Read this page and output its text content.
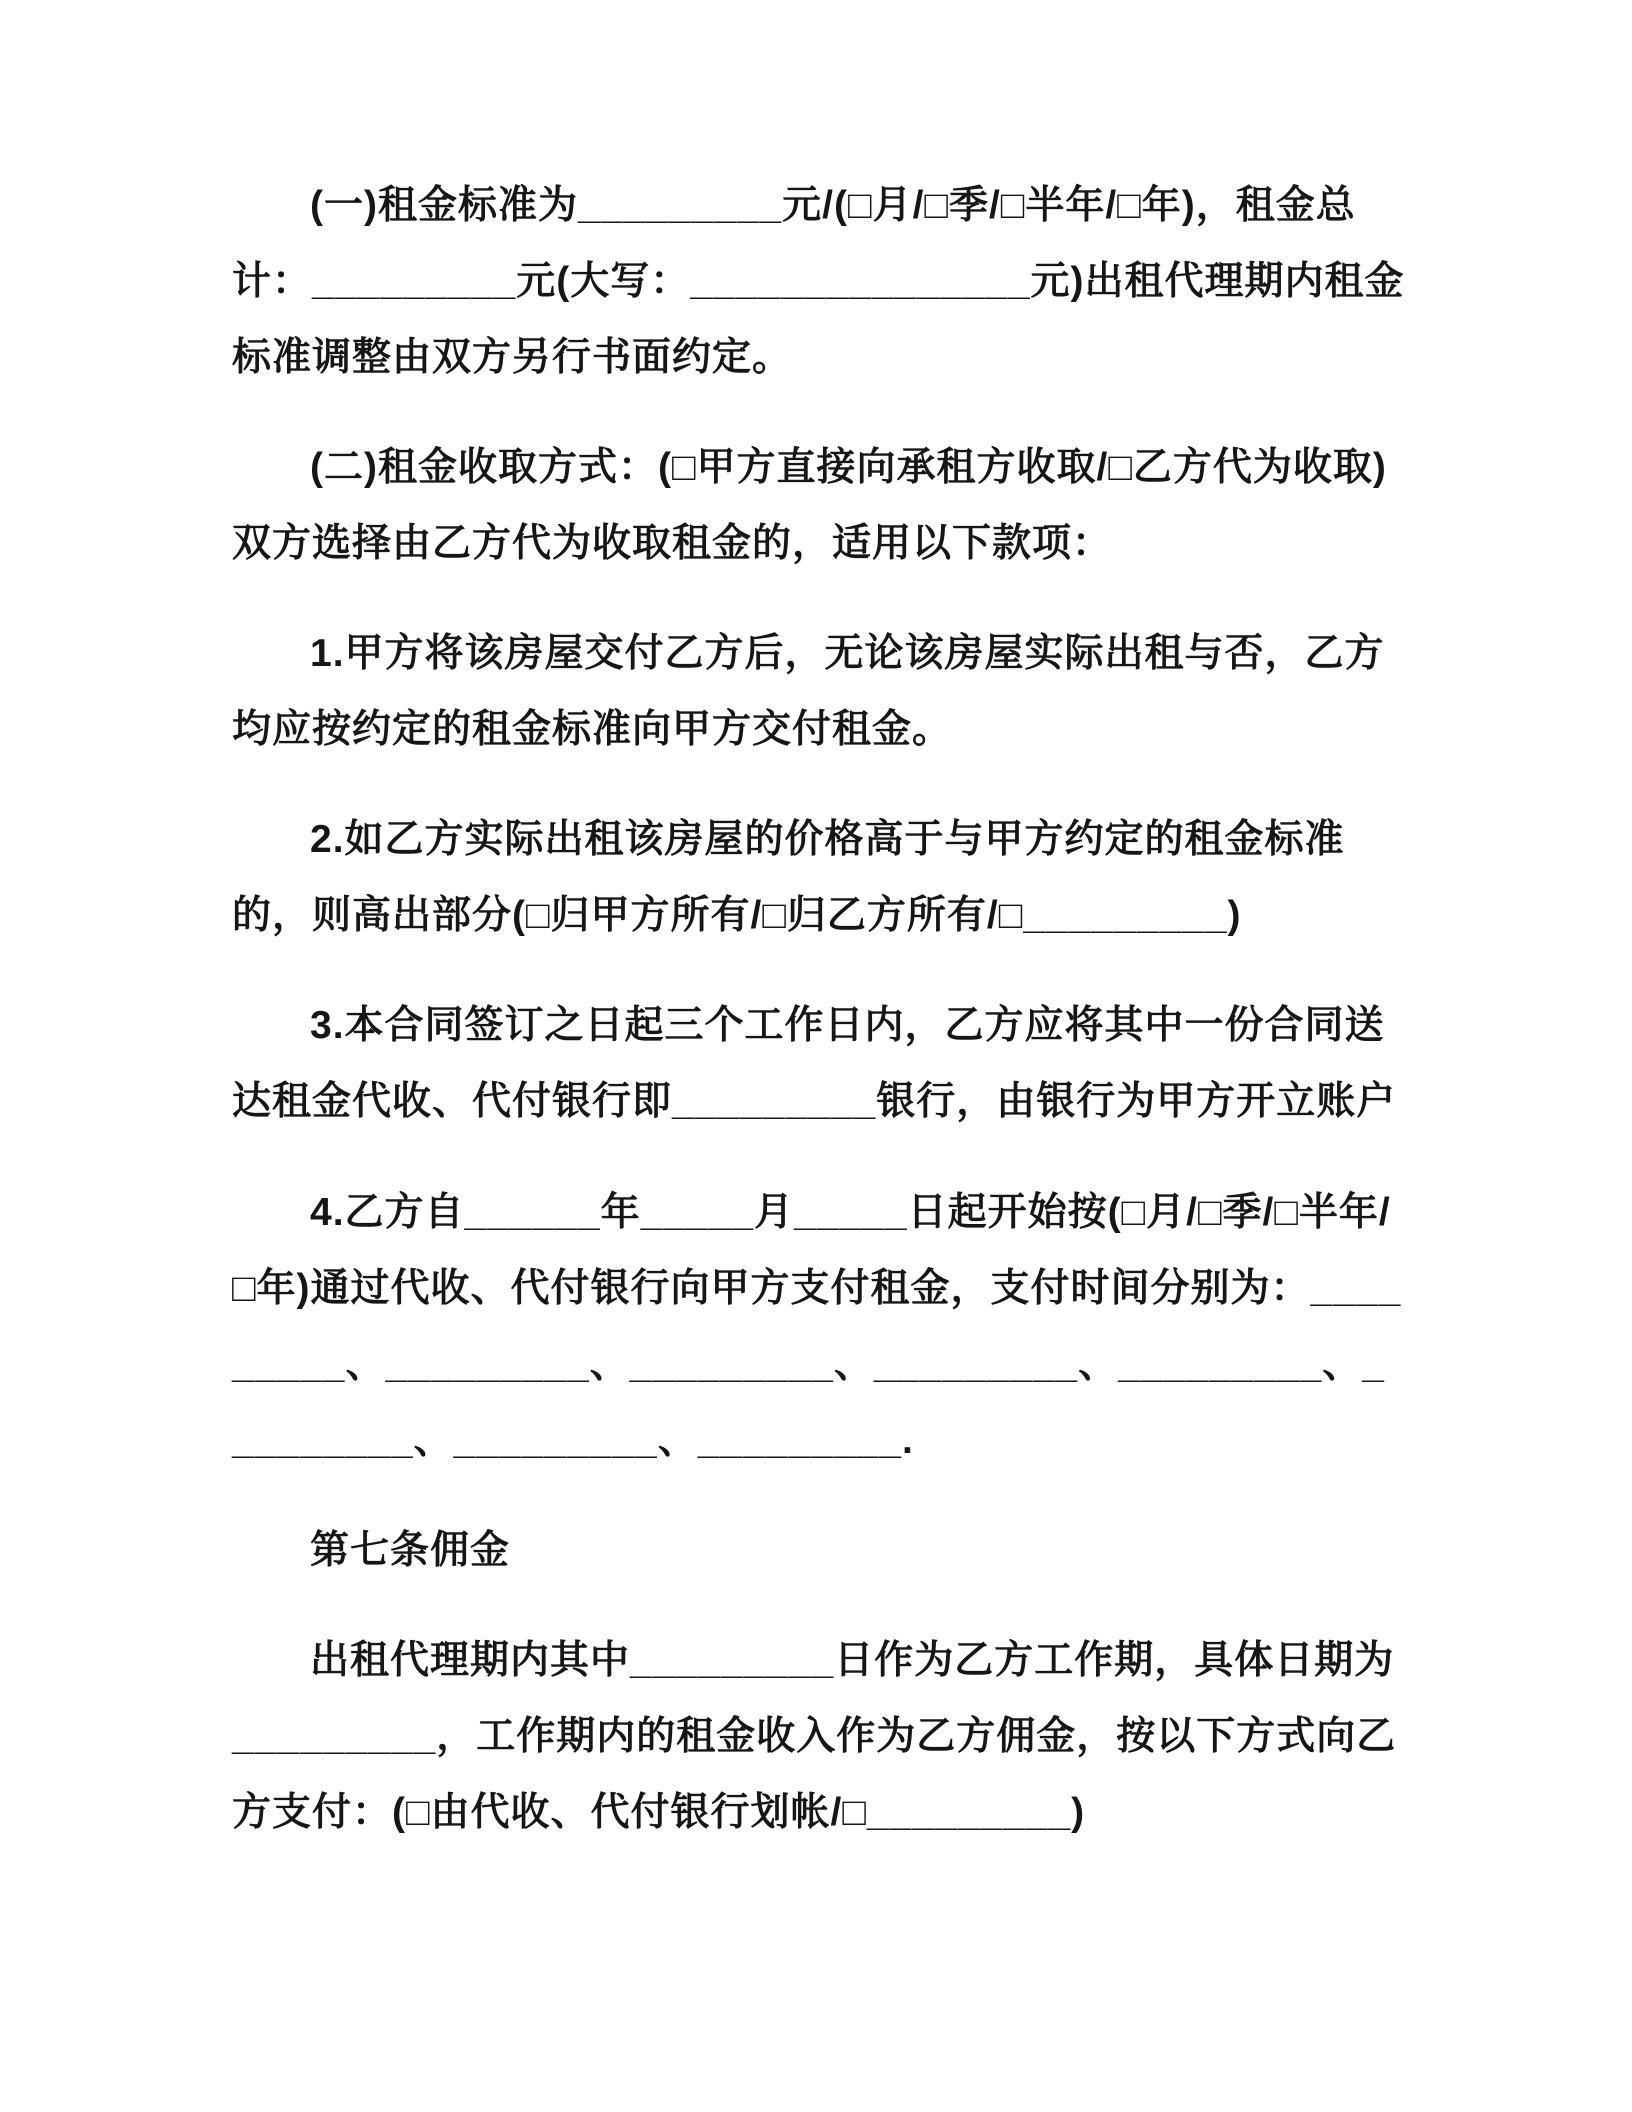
(一)租金标准为_________元/(□月/□季/□半年/□年)，租金总计：_________元(大写：_______________元)出租代理期内租金标准调整由双方另行书面约定。

(二)租金收取方式：(□甲方直接向承租方收取/□乙方代为收取)双方选择由乙方代为收取租金的，适用以下款项：

1.甲方将该房屋交付乙方后，无论该房屋实际出租与否，乙方均应按约定的租金标准向甲方交付租金。

2.如乙方实际出租该房屋的价格高于与甲方约定的租金标准的，则高出部分(□归甲方所有/□归乙方所有/□_________)

3.本合同签订之日起三个工作日内，乙方应将其中一份合同送达租金代收、代付银行即_________银行，由银行为甲方开立账户

4.乙方自______年_____月_____日起开始按(□月/□季/□半年/□年)通过代收、代付银行向甲方支付租金，支付时间分别为：_________、_________、_________、_________、_________、_________、_________、_________.

第七条佣金

出租代理期内其中_________日作为乙方工作期，具体日期为_________，工作期内的租金收入作为乙方佣金，按以下方式向乙方支付：(□由代收、代付银行划帐/□_________)
